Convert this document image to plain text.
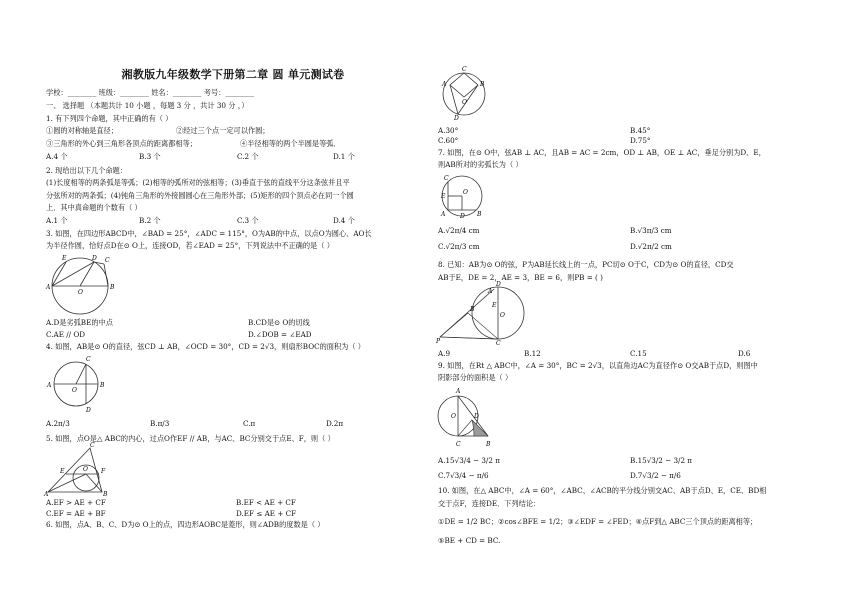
湘教版九年级数学下册第二章 圆 单元测试卷
学校：________ 班级：________ 姓名：________ 考号：________
一、 选择题 （本题共计 10 小题 ，每题 3 分 ，共计 30 分 ，）
1. 有下列四个命题，其中正确的有（ ）
①圆的对称轴是直径；	②经过三个点一定可以作圆；
③三角形的外心到三角形各顶点的距离都相等；	④半径相等的两个半圆是等弧．
A.4 个	B.3 个	C.2 个	D.1 个
2. 现给出以下几个命题：
(1)长度相等的两条弧是等弧；(2)相等的弧所对的弦相等；(3)垂直于弦的直线平分这条弦并且平
分弦所对的两条弧；(4)钝角三角形的外接圆圆心在三角形外部；(5)矩形的四个顶点必在同一个圆
上．其中真命题的个数有（ ）
A.1 个	B.2 个	C.3 个	D.4 个
3. 如图，在四边形ABCD中，∠BAD = 25°，∠ADC = 115°，O为AB的中点，以点O为圆心、AO长
为半径作圆，恰好点D在⊙ O上，连接OD，若∠EAD = 25°，下列说法中不正确的是（ ）
E	D C
A
O
B
A.D是劣弧BE的中点	B.CD是⊙ O的切线
C.AE // OD	D.∠DOB = ∠EAD
4. 如图，AB是⊙ O的直径，弦CD ⊥ AB，∠OCD = 30°，CD = 2√3，则扇形BOC的面积为（ ）
C
A
O
B
D
A.2π/3	B.π/3	C.π	D.2π
5. 如图，点O是△ ABC的内心，过点O作EF // AB，与AC、BC分别交于点E、F，则（ ）
C
E	O F
A	B
A.EF > AE + CF	B.EF < AE + CF
C.EF = AE + BF	D.EF ≤ AE + CF
6. 如图，点A、B、C、D为⊙ O上的点，四边形AOBC是菱形，则∠ADB的度数是（ ）
C
A	B
O
D
A.30°	B.45°
C.60°	D.75°
7. 如图，在⊙ O中，弦AB ⊥ AC，且AB = AC = 2cm，OD ⊥ AB，OE ⊥ AC，垂足分别为D、E，
则AB所对的劣弧长为（ ）
C
E
O
A D B
A.√2π/4 cm	B.√3π/3 cm
C.√2π/3 cm	D.√2π/2 cm
8. 已知：AB为⊙ O的弦，P为AB延长线上的一点，PC切⊙ O于C，CD为⊙ O的直径，CD交
AB于E，DE = 2，AE = 3，BE = 6，则PB = ( )
D
A
E
O
B
P	C
A.9	B.12	C.15	D.6
9. 如图，在Rt △ ABC中，∠A = 30°，BC = 2√3，以直角边AC为直径作⊙ O交AB于点D，则图中
阴影部分的面积是（ ）
A
O	D
C	B
A.15√3/4 − 3/2 π	B.15√3/2 − 3/2 π
C.7√3/4 − π/6	D.7√3/2 − π/6
10. 如图，在△ ABC中，∠A = 60°，∠ABC、∠ACB的平分线分别交AC、AB于点D、E，CE、BD相
交于点F，连接DE．下列结论：
①DE = 1/2 BC；②cos∠BFE = 1/2；③∠EDF = ∠FED；④点F到△ ABC三个顶点的距离相等；
⑤BE + CD = BC.
